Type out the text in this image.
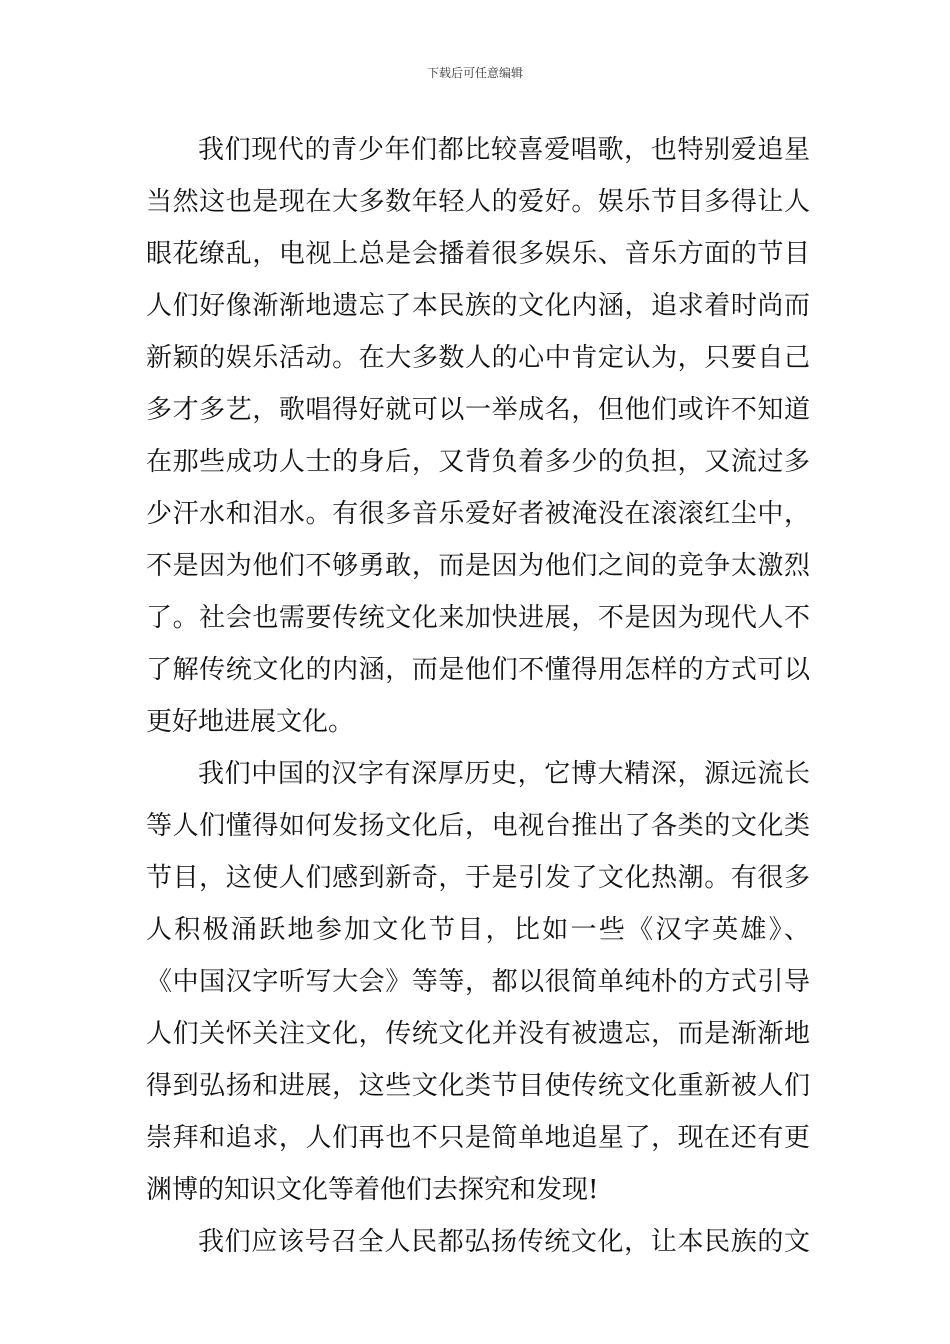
下载后可任意编辑
我们现代的青少年们都比较喜爱唱歌，也特别爱追星
当然这也是现在大多数年轻人的爱好。娱乐节目多得让人
眼花缭乱，电视上总是会播着很多娱乐、音乐方面的节目
人们好像渐渐地遗忘了本民族的文化内涵，追求着时尚而
新颖的娱乐活动。在大多数人的心中肯定认为，只要自己
多才多艺，歌唱得好就可以一举成名，但他们或许不知道
在那些成功人士的身后，又背负着多少的负担，又流过多
少汗水和泪水。有很多音乐爱好者被淹没在滚滚红尘中，
不是因为他们不够勇敢，而是因为他们之间的竞争太激烈
了。社会也需要传统文化来加快进展，不是因为现代人不
了解传统文化的内涵，而是他们不懂得用怎样的方式可以
更好地进展文化。
我们中国的汉字有深厚历史，它博大精深，源远流长
等人们懂得如何发扬文化后，电视台推出了各类的文化类
节目，这使人们感到新奇，于是引发了文化热潮。有很多
人积极涌跃地参加文化节目，比如一些《汉字英雄》、
《中国汉字听写大会》等等，都以很简单纯朴的方式引导
人们关怀关注文化，传统文化并没有被遗忘，而是渐渐地
得到弘扬和进展，这些文化类节目使传统文化重新被人们
崇拜和追求，人们再也不只是简单地追星了，现在还有更
渊博的知识文化等着他们去探究和发现!
我们应该号召全人民都弘扬传统文化，让本民族的文
